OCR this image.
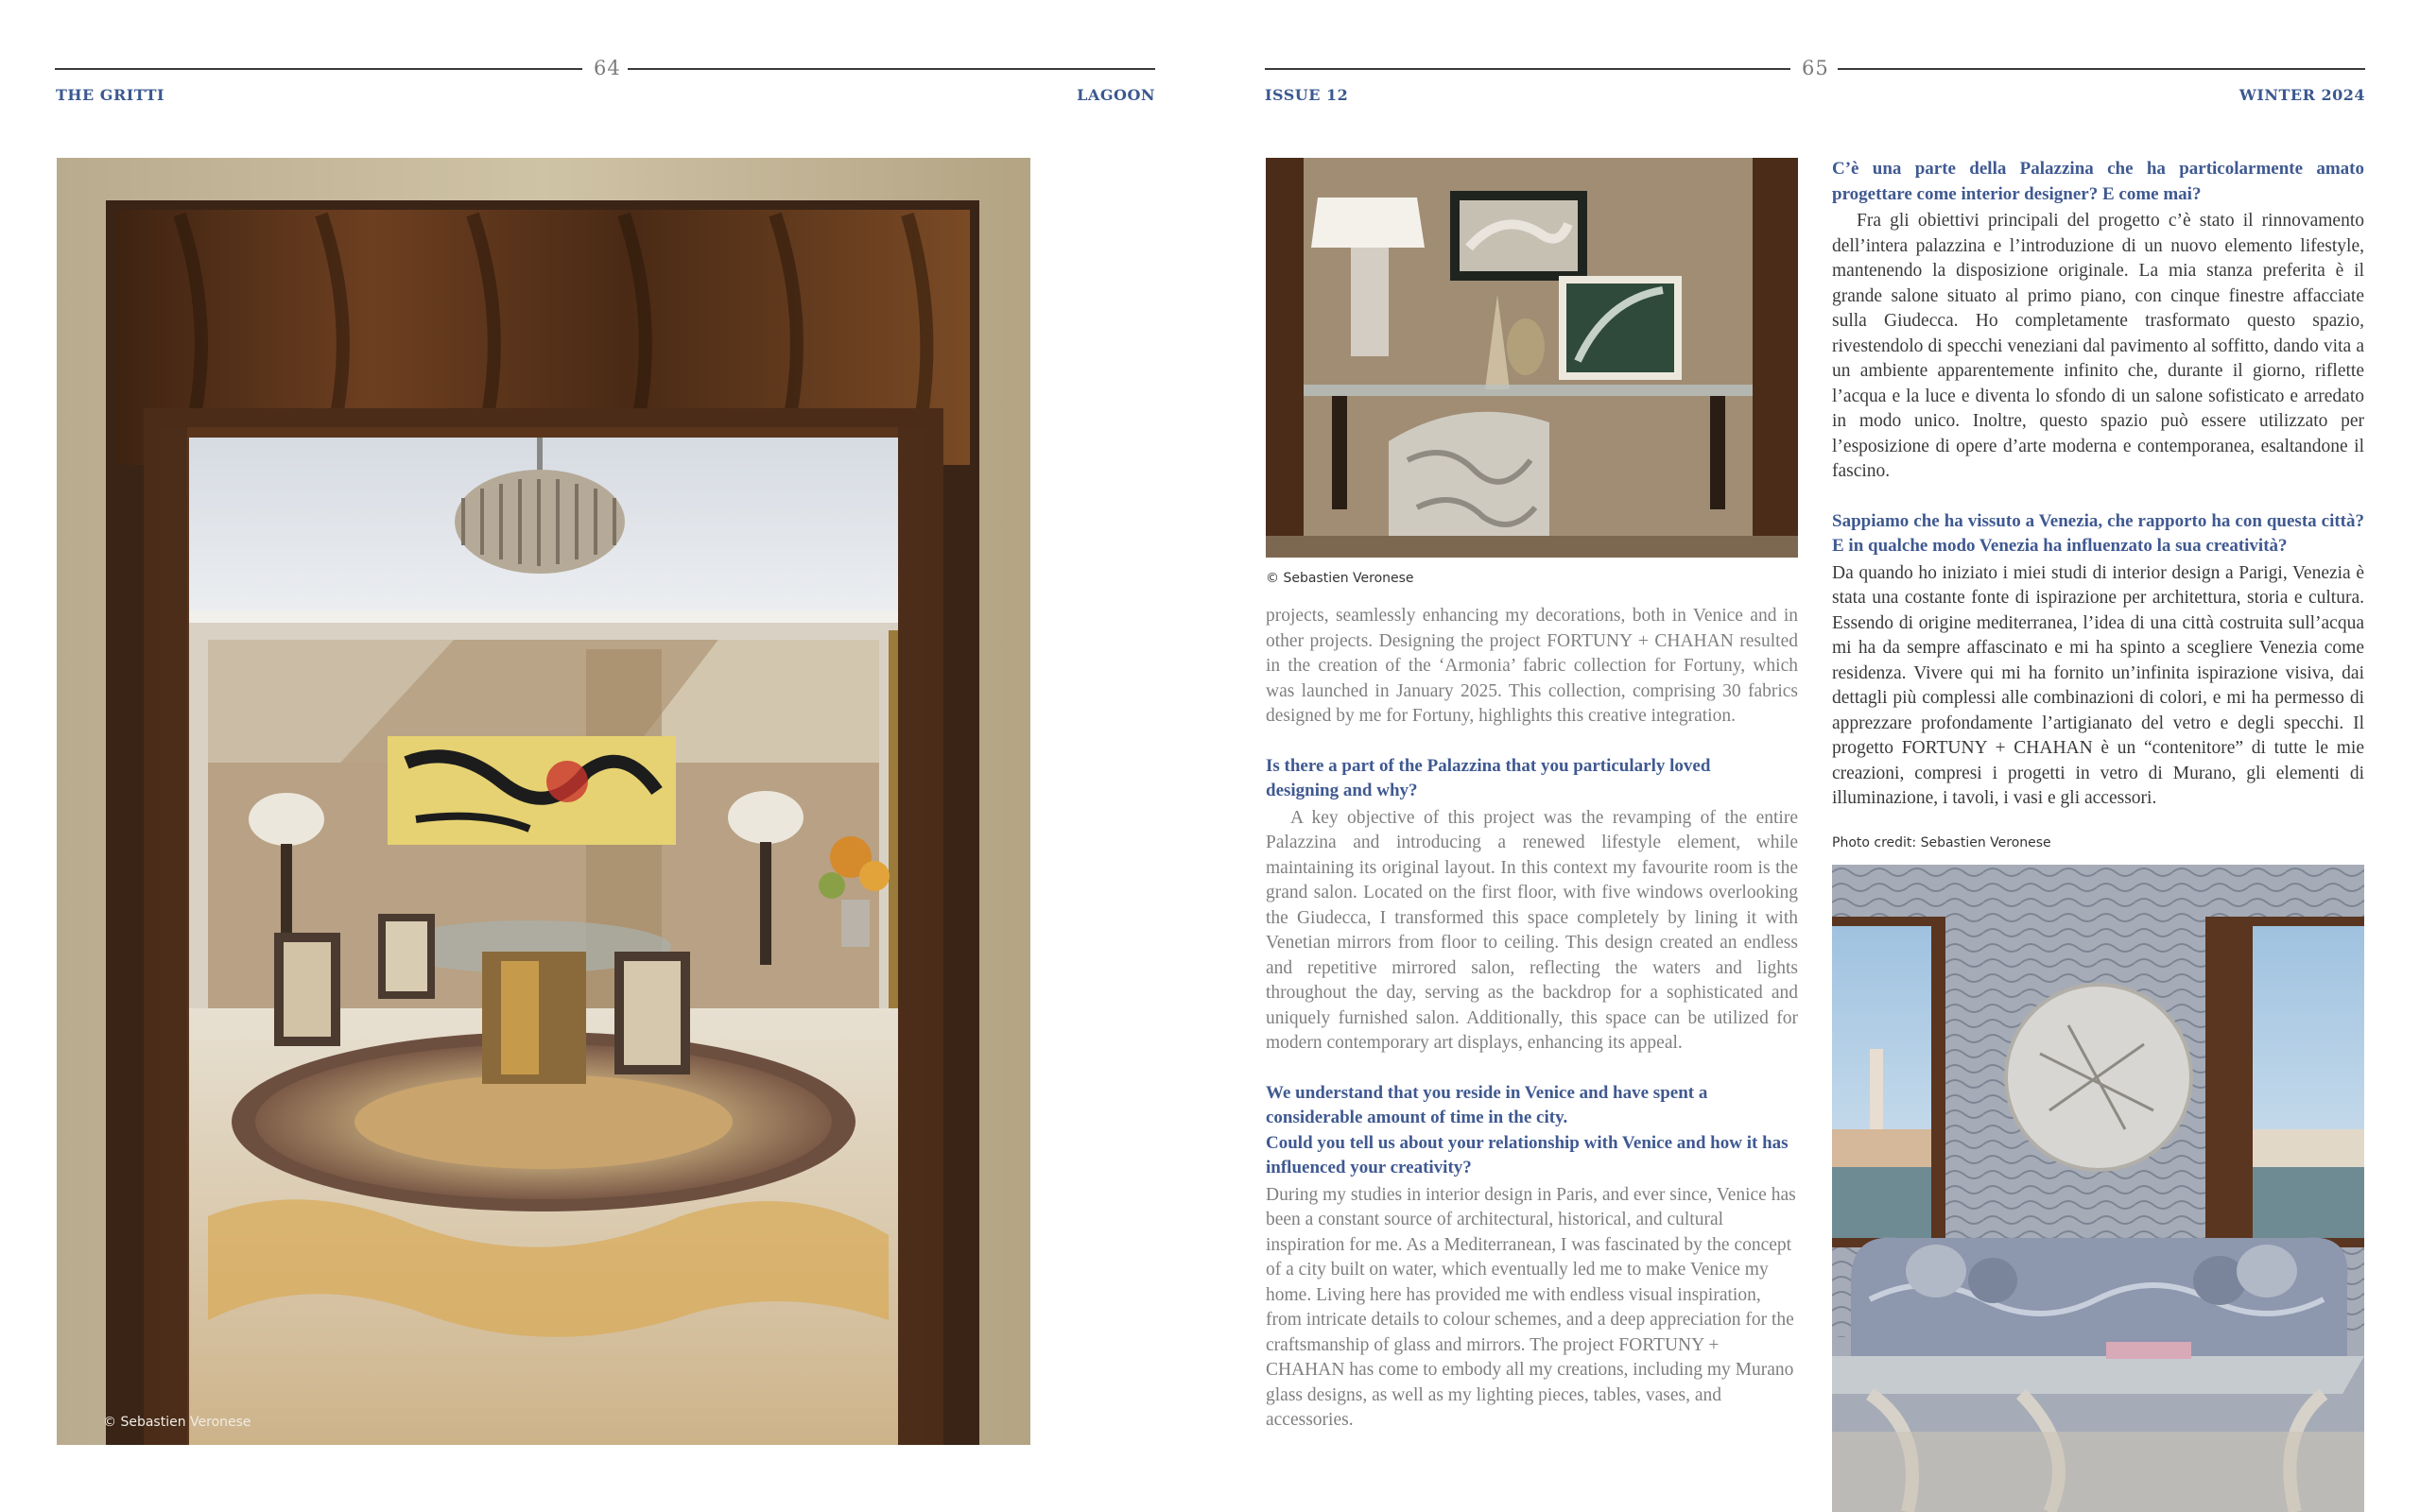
64
THE GRITTI	LAGOON
65
ISSUE 12	WINTER 2024
© Sebastien Veronese
© Sebastien Veronese

projects, seamlessly enhancing my decorations, both in Venice and in other projects. Designing the project FORTUNY + CHAHAN resulted in the creation of the ‘Armonia’ fabric collection for Fortuny, which was launched in January 2025. This collection, comprising 30 fabrics designed by me for Fortuny, highlights this creative integration.

Is there a part of the Palazzina that you particularly loved designing and why?

A key objective of this project was the revamping of the entire Palazzina and introducing a renewed lifestyle element, while maintaining its original layout. In this context my favourite room is the grand salon. Located on the first floor, with five windows overlooking the Giudecca, I transformed this space completely by lining it with Venetian mirrors from floor to ceiling. This design created an endless and repetitive mirrored salon, reflecting the waters and lights throughout the day, serving as the backdrop for a sophisticated and uniquely furnished salon. Additionally, this space can be utilized for modern contemporary art displays, enhancing its appeal.

We understand that you reside in Venice and have spent a considerable amount of time in the city.

Could you tell us about your relationship with Venice and how it has influenced your creativity?

During my studies in interior design in Paris, and ever since, Venice has been a constant source of architectural, historical, and cultural inspiration for me. As a Mediterranean, I was fascinated by the concept of a city built on water, which eventually led me to make Venice my home. Living here has provided me with endless visual inspiration, from intricate details to colour schemes, and a deep appreciation for the craftsmanship of glass and mirrors. The project FORTUNY + CHAHAN has come to embody all my creations, including my Murano glass designs, as well as my lighting pieces, tables, vases, and accessories.

C’è una parte della Palazzina che ha particolarmente amato progettare come interior designer? E come mai?

Fra gli obiettivi principali del progetto c’è stato il rinnovamento dell’intera palazzina e l’introduzione di un nuovo elemento lifestyle, mantenendo la disposizione originale. La mia stanza preferita è il grande salone situato al primo piano, con cinque finestre affacciate sulla Giudecca. Ho completamente trasformato questo spazio, rivestendolo di specchi veneziani dal pavimento al soffitto, dando vita a un ambiente apparentemente infinito che, durante il giorno, riflette l’acqua e la luce e diventa lo sfondo di un salone sofisticato e arredato in modo unico. Inoltre, questo spazio può essere utilizzato per l’esposizione di opere d’arte moderna e contemporanea, esaltandone il fascino.

Sappiamo che ha vissuto a Venezia, che rapporto ha con questa città? E in qualche modo Venezia ha influenzato la sua creatività?

Da quando ho iniziato i miei studi di interior design a Parigi, Venezia è stata una costante fonte di ispirazione per architettura, storia e cultura. Essendo di origine mediterranea, l’idea di una città costruita sull’acqua mi ha da sempre affascinato e mi ha spinto a scegliere Venezia come residenza. Vivere qui mi ha fornito un’infinita ispirazione visiva, dai dettagli più complessi alle combinazioni di colori, e mi ha permesso di apprezzare profondamente l’artigianato del vetro e degli specchi. Il progetto FORTUNY + CHAHAN è un “contenitore” di tutte le mie creazioni, compresi i progetti in vetro di Murano, gli elementi di illuminazione, i tavoli, i vasi e gli accessori.

Photo credit: Sebastien Veronese
